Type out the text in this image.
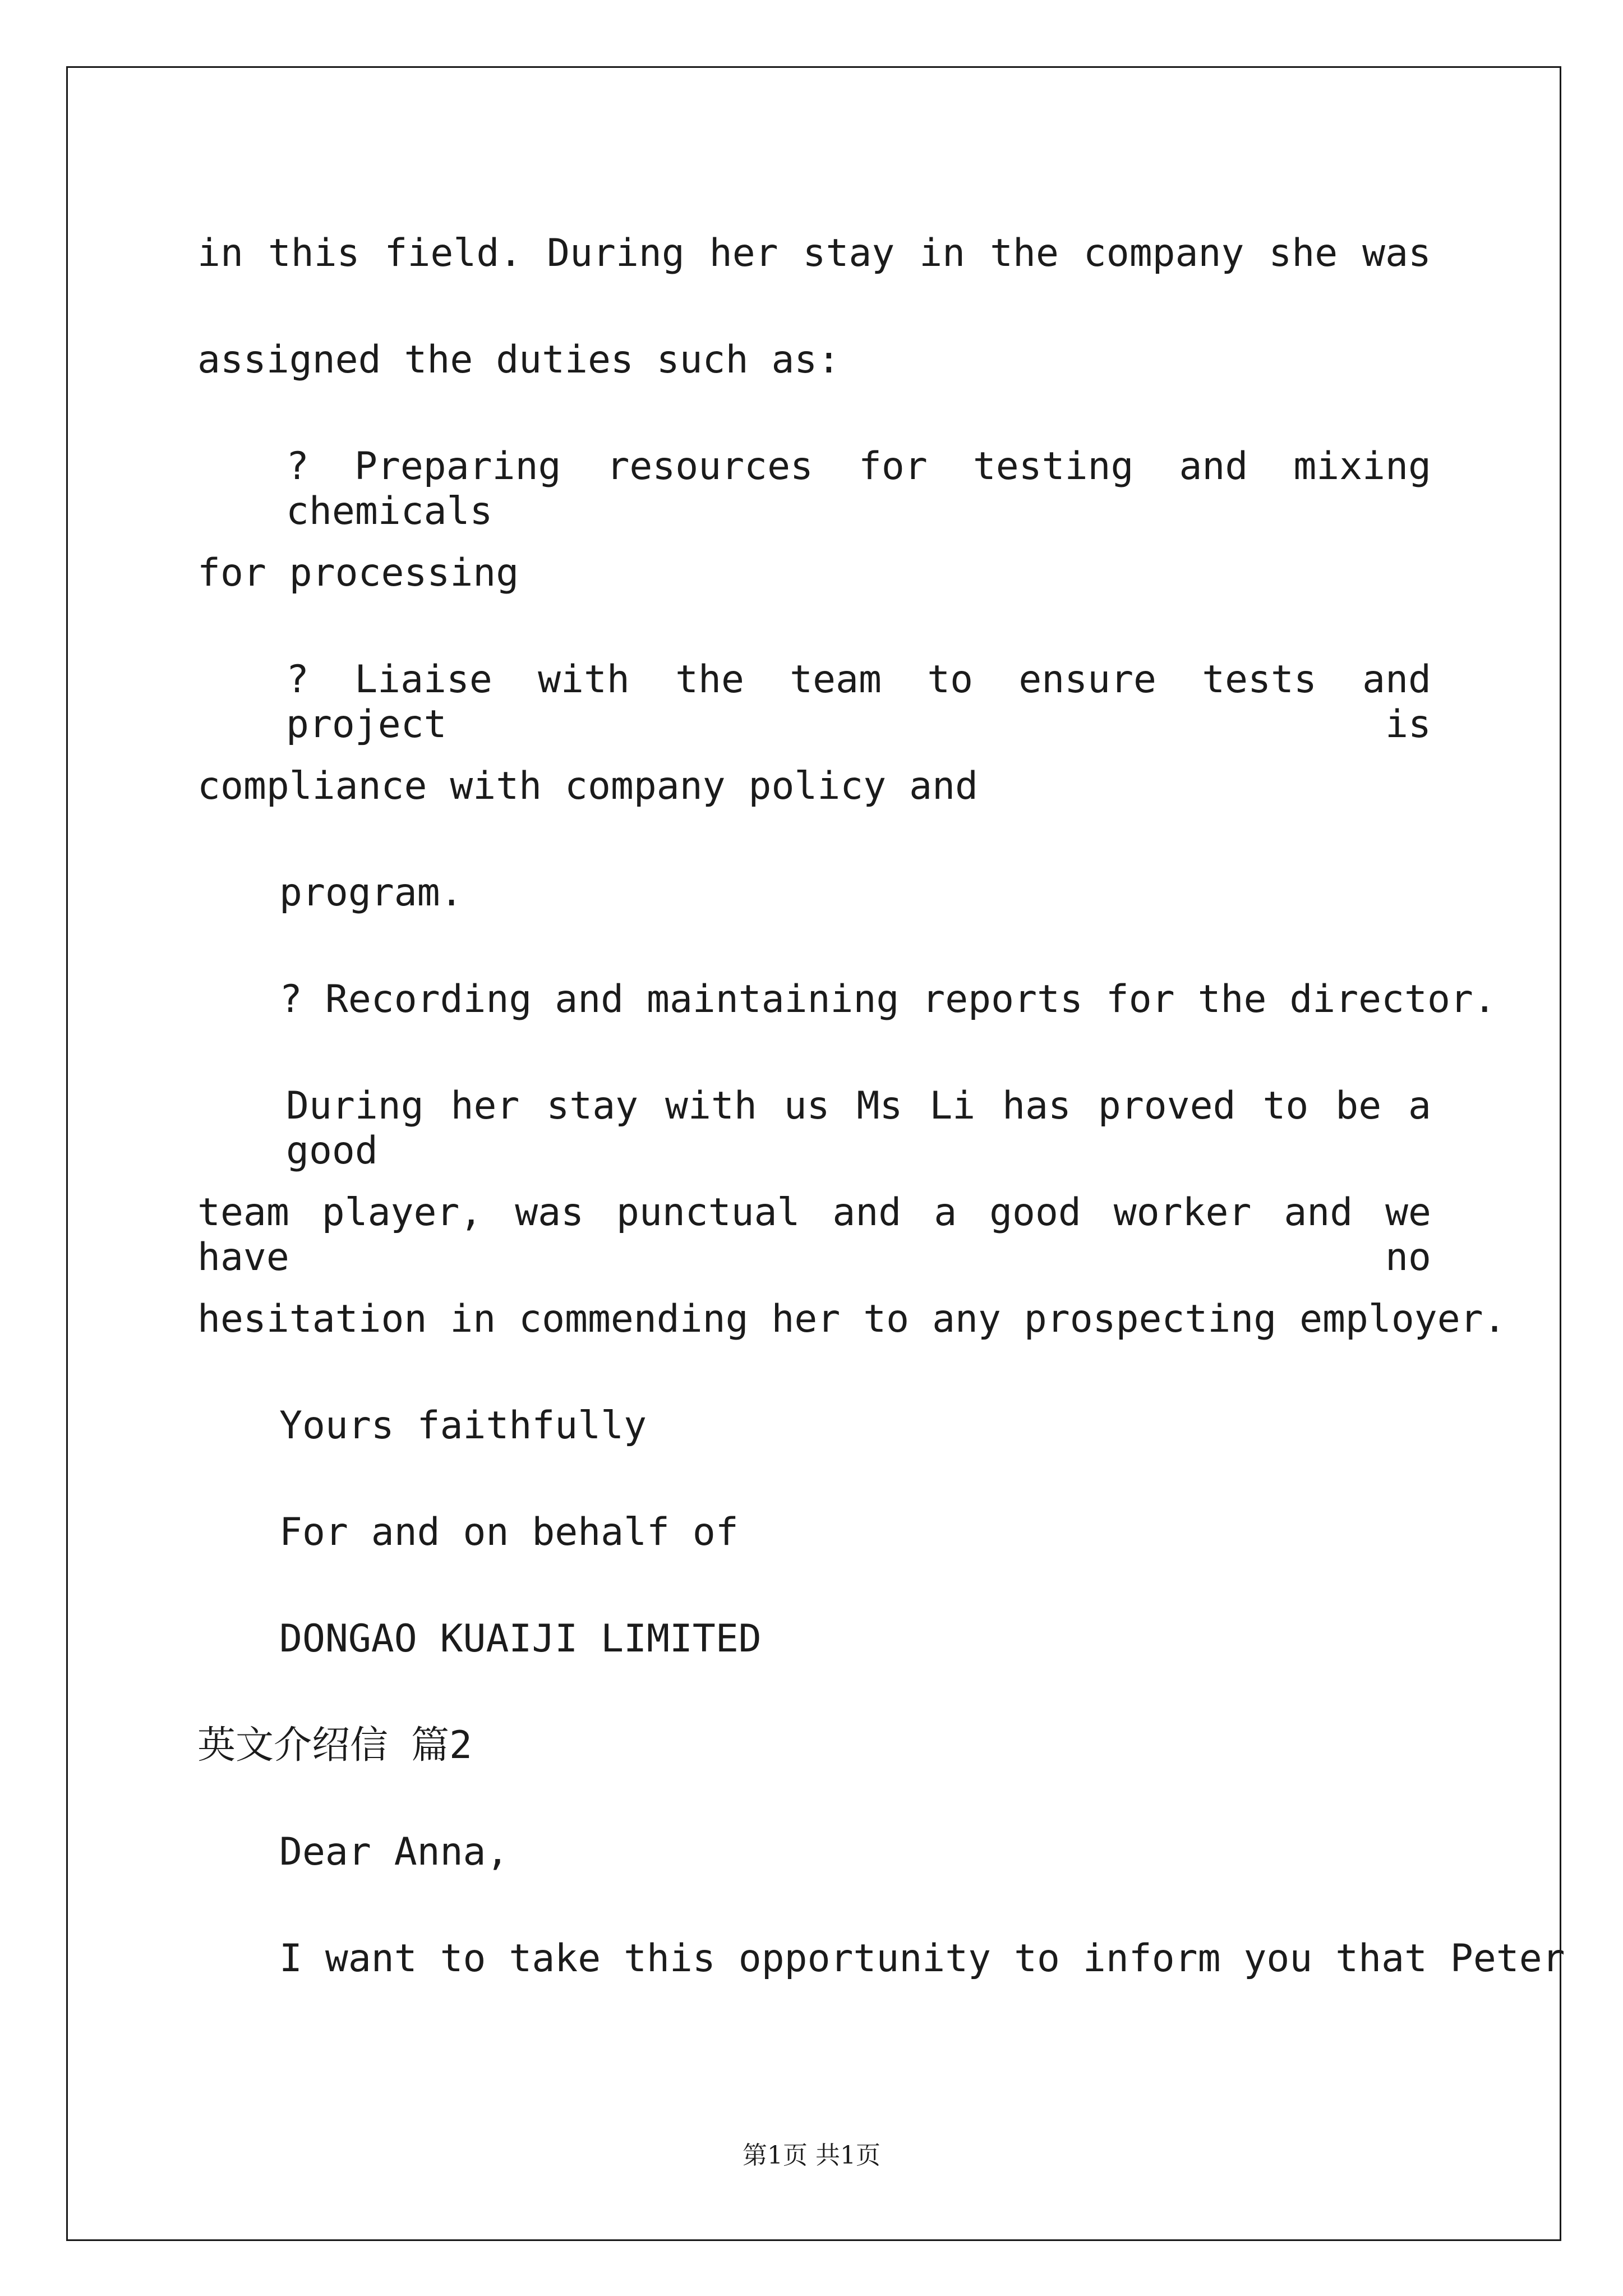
in this field. During her stay in the company she was
assigned the duties such as:
? Preparing resources for testing and mixing chemicals
for processing
? Liaise with the team to ensure tests and project is
compliance with company policy and
program.
? Recording and maintaining reports for the director.
During her stay with us Ms Li has proved to be a good
team player, was punctual and a good worker and we have no
hesitation in commending her to any prospecting employer.
Yours faithfully
For and on behalf of
DONGAO KUAIJI LIMITED
英文介绍信 篇2
Dear Anna,
I want to take this opportunity to inform you that Peter
第1页 共1页
